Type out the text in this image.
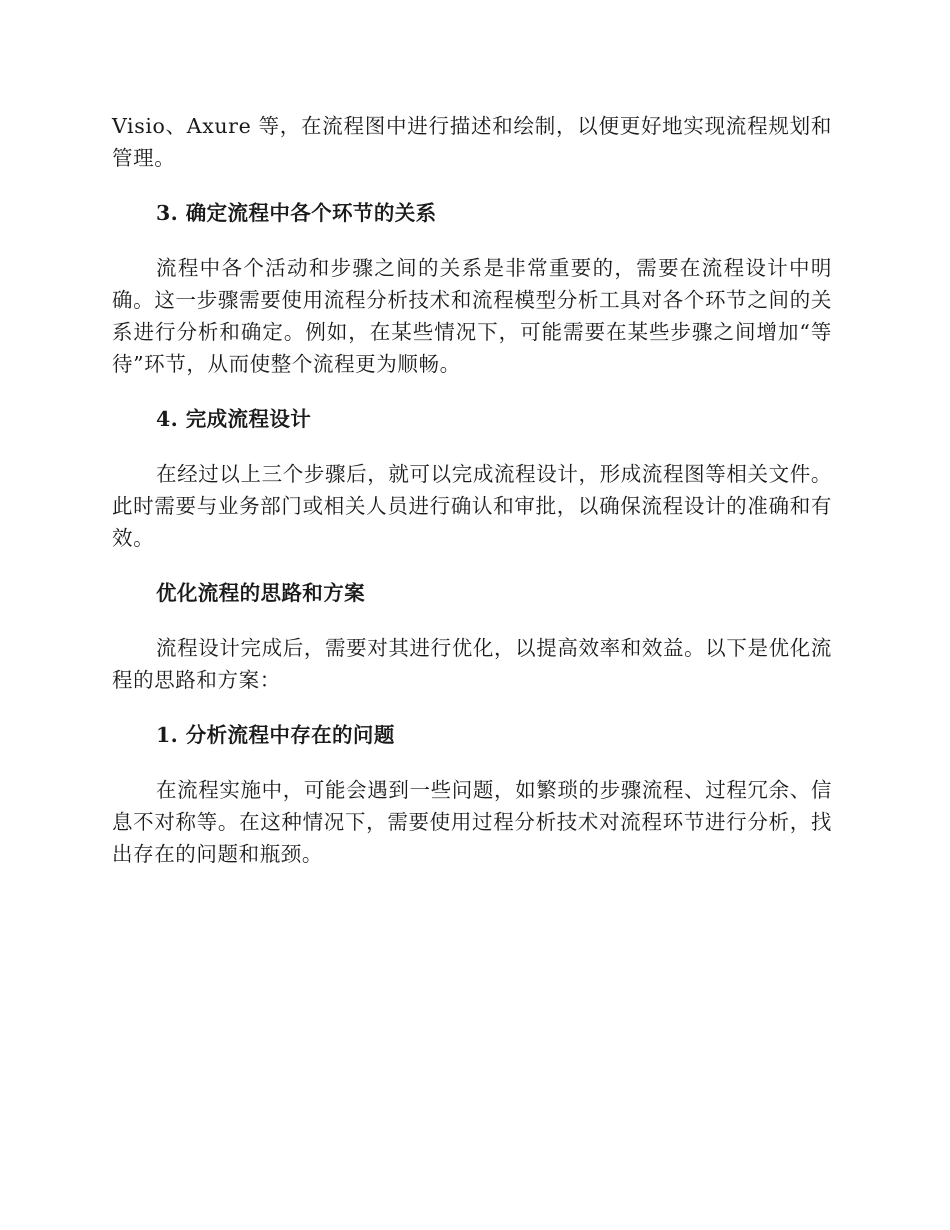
Visio、Axure 等，在流程图中进行描述和绘制，以便更好地实现流程规划和管理。

3. 确定流程中各个环节的关系

流程中各个活动和步骤之间的关系是非常重要的，需要在流程设计中明确。这一步骤需要使用流程分析技术和流程模型分析工具对各个环节之间的关系进行分析和确定。例如，在某些情况下，可能需要在某些步骤之间增加“等待”环节，从而使整个流程更为顺畅。

4. 完成流程设计

在经过以上三个步骤后，就可以完成流程设计，形成流程图等相关文件。此时需要与业务部门或相关人员进行确认和审批，以确保流程设计的准确和有效。

优化流程的思路和方案

流程设计完成后，需要对其进行优化，以提高效率和效益。以下是优化流程的思路和方案：

1. 分析流程中存在的问题

在流程实施中，可能会遇到一些问题，如繁琐的步骤流程、过程冗余、信息不对称等。在这种情况下，需要使用过程分析技术对流程环节进行分析，找出存在的问题和瓶颈。
